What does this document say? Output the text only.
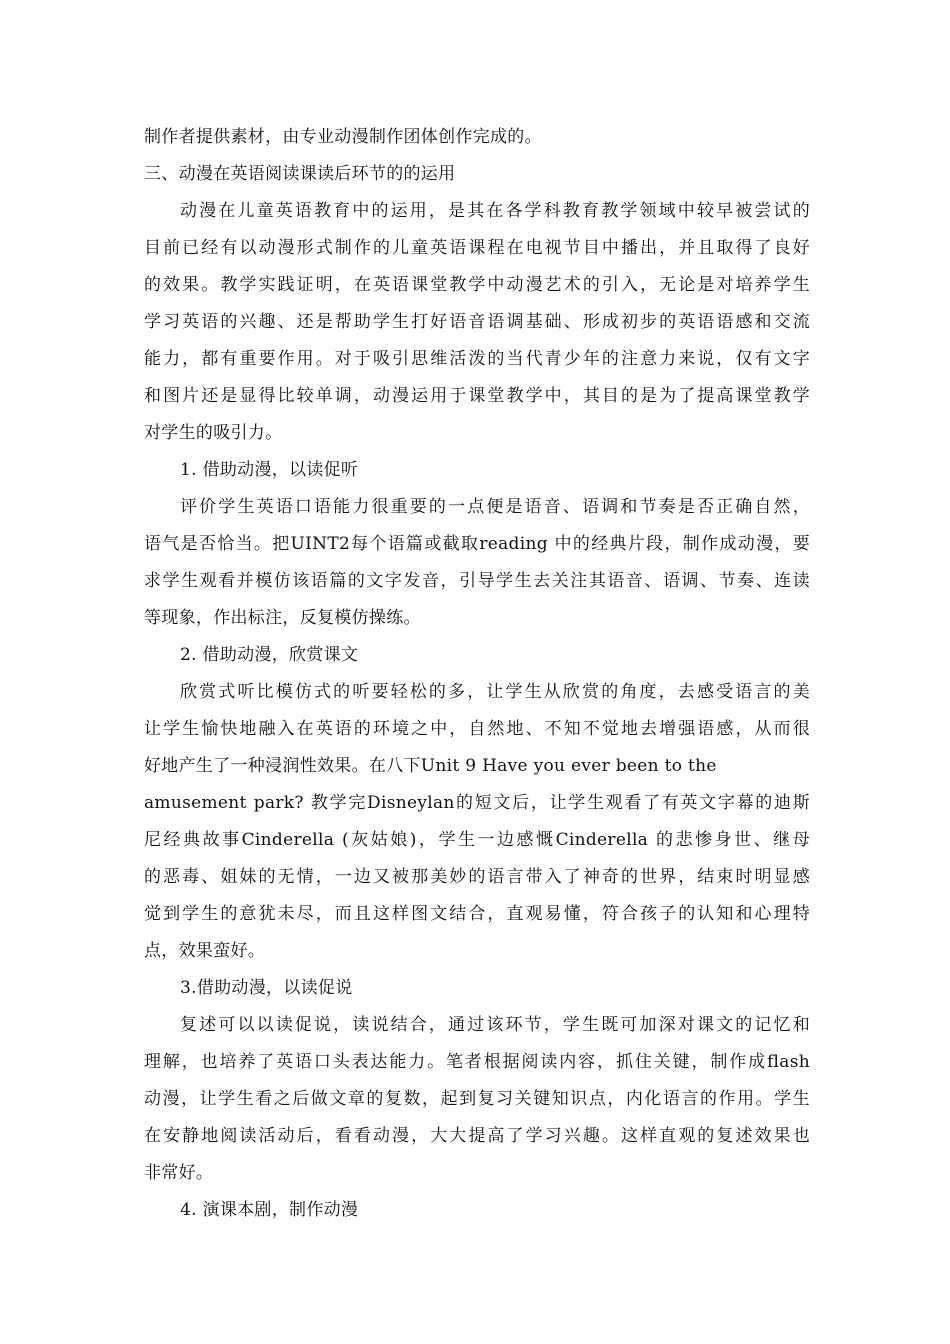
制作者提供素材，由专业动漫制作团体创作完成的。
三、动漫在英语阅读课读后环节的的运用
动漫在儿童英语教育中的运用，是其在各学科教育教学领域中较早被尝试的
目前已经有以动漫形式制作的儿童英语课程在电视节目中播出，并且取得了良好
的效果。教学实践证明，在英语课堂教学中动漫艺术的引入，无论是对培养学生
学习英语的兴趣、还是帮助学生打好语音语调基础、形成初步的英语语感和交流
能力，都有重要作用。对于吸引思维活泼的当代青少年的注意力来说，仅有文字
和图片还是显得比较单调，动漫运用于课堂教学中，其目的是为了提高课堂教学
对学生的吸引力。
1. 借助动漫，以读促听
评价学生英语口语能力很重要的一点便是语音、语调和节奏是否正确自然，
语气是否恰当。把UINT2每个语篇或截取reading 中的经典片段，制作成动漫，要
求学生观看并模仿该语篇的文字发音，引导学生去关注其语音、语调、节奏、连读
等现象，作出标注，反复模仿操练。
2. 借助动漫，欣赏课文
欣赏式听比模仿式的听要轻松的多，让学生从欣赏的角度，去感受语言的美
让学生愉快地融入在英语的环境之中，自然地、不知不觉地去增强语感，从而很
好地产生了一种浸润性效果。在八下Unit 9 Have you ever been to the
amusement park? 教学完Disneylan的短文后，让学生观看了有英文字幕的迪斯
尼经典故事Cinderella (灰姑娘)，学生一边感慨Cinderella 的悲惨身世、继母
的恶毒、姐妹的无情，一边又被那美妙的语言带入了神奇的世界，结束时明显感
觉到学生的意犹未尽，而且这样图文结合，直观易懂，符合孩子的认知和心理特
点，效果蛮好。
3.借助动漫，以读促说
复述可以以读促说，读说结合，通过该环节，学生既可加深对课文的记忆和
理解，也培养了英语口头表达能力。笔者根据阅读内容，抓住关键，制作成flash
动漫，让学生看之后做文章的复数，起到复习关键知识点，内化语言的作用。学生
在安静地阅读活动后，看看动漫，大大提高了学习兴趣。这样直观的复述效果也
非常好。
4. 演课本剧，制作动漫
